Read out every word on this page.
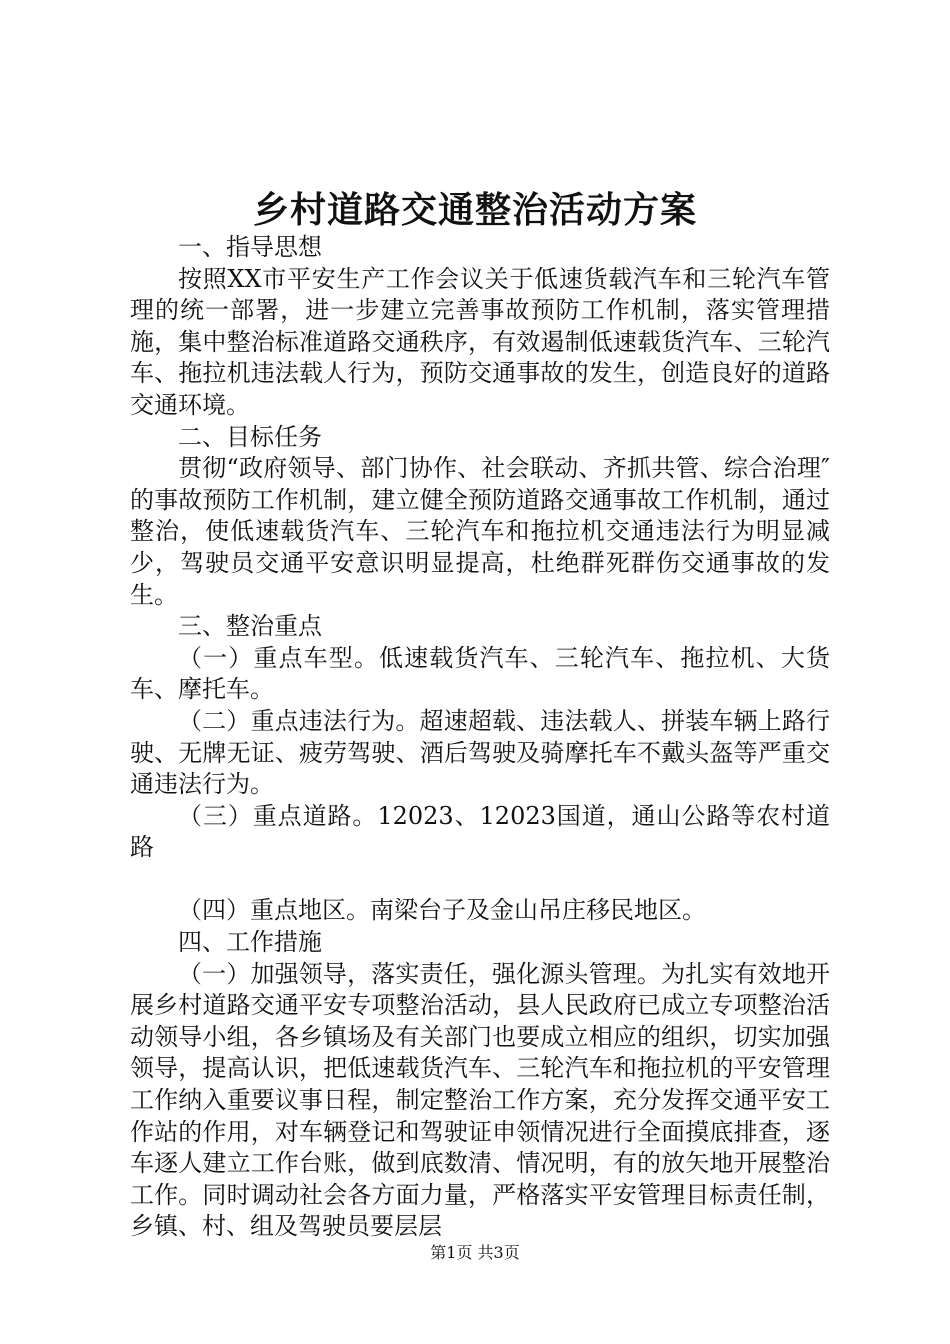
乡村道路交通整治活动方案

一、指导思想

按照XX市平安生产工作会议关于低速货载汽车和三轮汽车管理的统一部署，进一步建立完善事故预防工作机制，落实管理措施，集中整治标准道路交通秩序，有效遏制低速载货汽车、三轮汽车、拖拉机违法载人行为，预防交通事故的发生，创造良好的道路交通环境。

二、目标任务

贯彻“政府领导、部门协作、社会联动、齐抓共管、综合治理″的事故预防工作机制，建立健全预防道路交通事故工作机制，通过整治，使低速载货汽车、三轮汽车和拖拉机交通违法行为明显减少，驾驶员交通平安意识明显提高，杜绝群死群伤交通事故的发生。

三、整治重点

（一）重点车型。低速载货汽车、三轮汽车、拖拉机、大货车、摩托车。

（二）重点违法行为。超速超载、违法载人、拼装车辆上路行驶、无牌无证、疲劳驾驶、酒后驾驶及骑摩托车不戴头盔等严重交通违法行为。

（三）重点道路。12023、12023国道，通山公路等农村道路

（四）重点地区。南梁台子及金山吊庄移民地区。

四、工作措施

（一）加强领导，落实责任，强化源头管理。为扎实有效地开展乡村道路交通平安专项整治活动，县人民政府已成立专项整治活动领导小组，各乡镇场及有关部门也要成立相应的组织，切实加强领导，提高认识，把低速载货汽车、三轮汽车和拖拉机的平安管理工作纳入重要议事日程，制定整治工作方案，充分发挥交通平安工作站的作用，对车辆登记和驾驶证申领情况进行全面摸底排查，逐车逐人建立工作台账，做到底数清、情况明，有的放矢地开展整治工作。同时调动社会各方面力量，严格落实平安管理目标责任制，乡镇、村、组及驾驶员要层层

第1页 共3页
